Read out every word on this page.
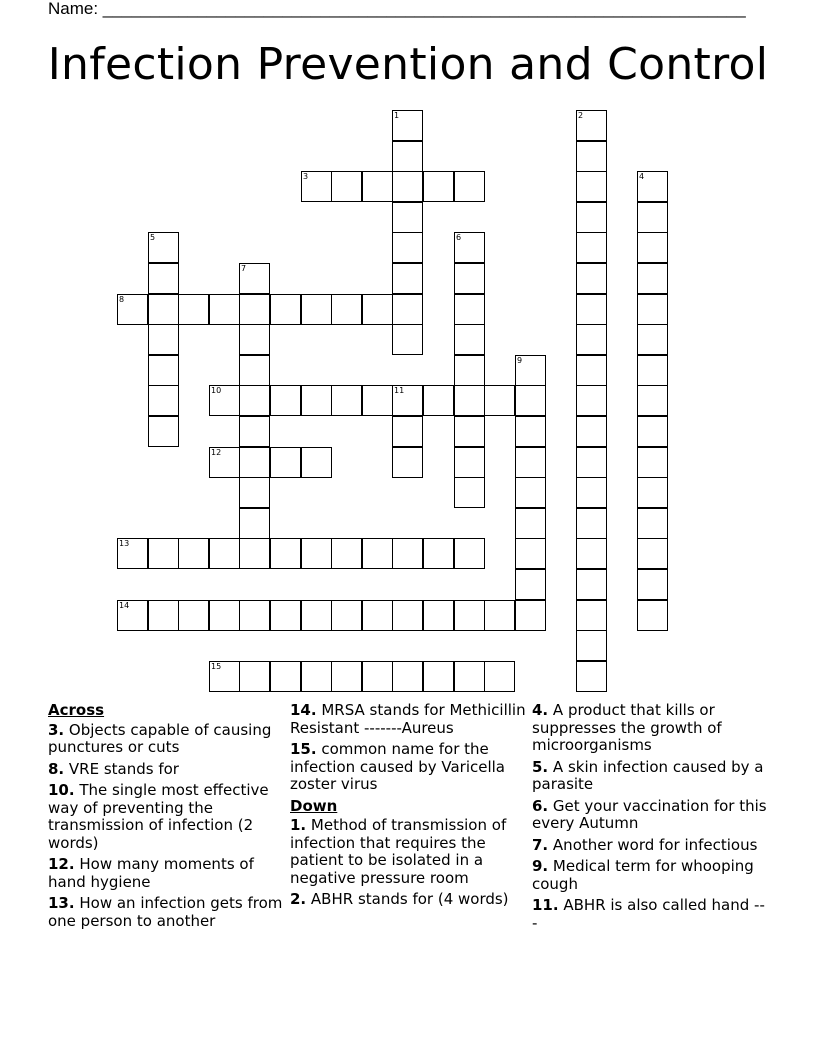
Name: ____________________________________________________________________
Infection Prevention and Control
1	2
3	4
5	6
7
8
9
10	11
12
13
14
15
Across
3. Objects capable of causing punctures or cuts
8. VRE stands for
10. The single most effective way of preventing the transmission of infection (2 words)
12. How many moments of hand hygiene
13. How an infection gets from one person to another
14. MRSA stands for Methicillin Resistant -------Aureus
15. common name for the infection caused by Varicella zoster virus
Down
1. Method of transmission of infection that requires the patient to be isolated in a negative pressure room
2. ABHR stands for (4 words)
4. A product that kills or suppresses the growth of microorganisms
5. A skin infection caused by a parasite
6. Get your vaccination for this every Autumn
7. Another word for infectious
9. Medical term for whooping cough
11. ABHR is also called hand ---
